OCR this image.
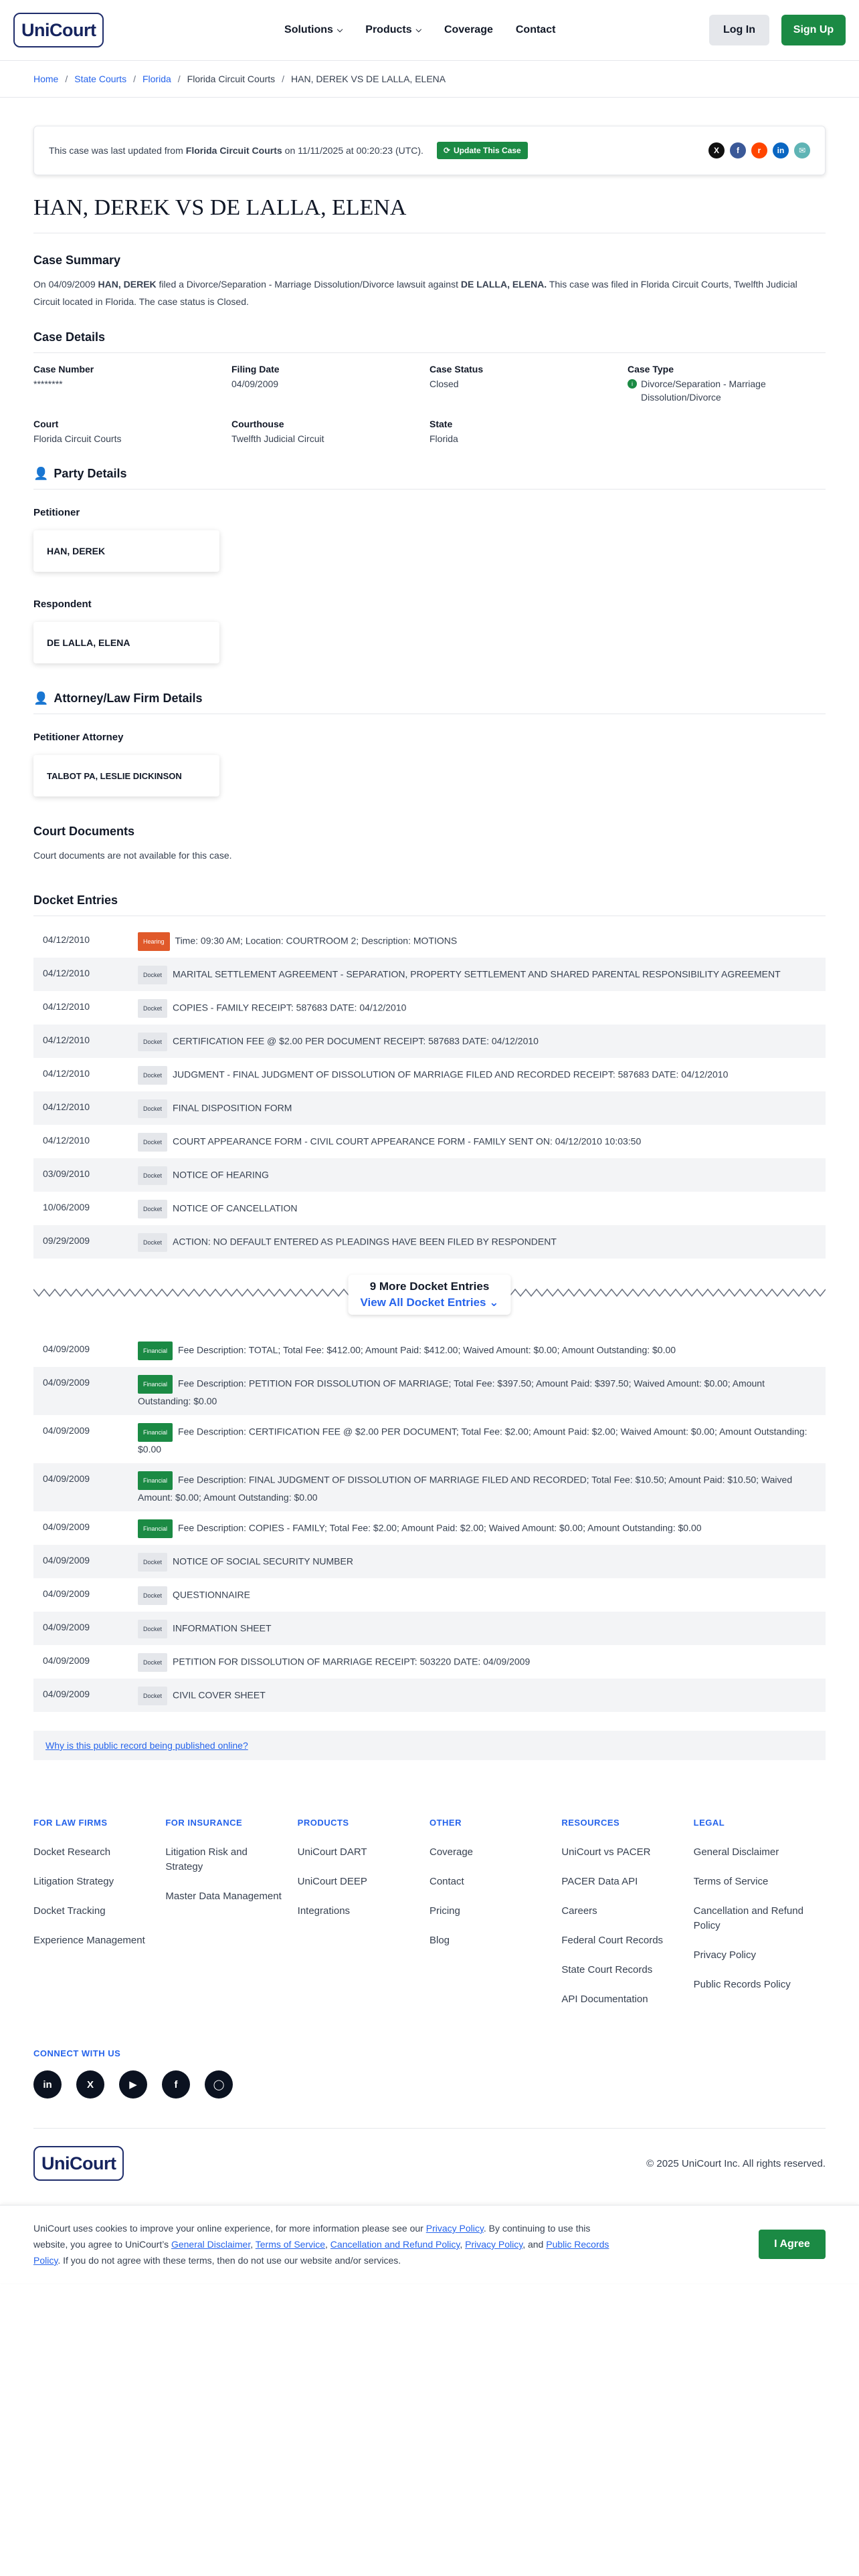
UniCourt	Solutions ⌵ Products ⌵ Coverage Contact	Log In	Sign Up
Home / State Courts / Florida / Florida Circuit Courts / HAN, DEREK VS DE LALLA, ELENA
This case was last updated from Florida Circuit Courts on 11/11/2025 at 00:20:23 (UTC).	⟳ Update This Case	X	f	r	in	✉
HAN, DEREK VS DE LALLA, ELENA
Case Summary

On 04/09/2009 HAN, DEREK filed a Divorce/Separation - Marriage Dissolution/Divorce lawsuit against DE LALLA, ELENA. This case was filed in Florida Circuit Courts, Twelfth Judicial Circuit located in Florida. The case status is Closed.

Case Details
Case Number
********
Filing Date
04/09/2009
Case Status
Closed
Case Type
i Divorce/Separation - Marriage Dissolution/Divorce
Court
Florida Circuit Courts
Courthouse
Twelfth Judicial Circuit
State
Florida
👤 Party Details
Petitioner
HAN, DEREK
Respondent
DE LALLA, ELENA
👤 Attorney/Law Firm Details
Petitioner Attorney
TALBOT PA, LESLIE DICKINSON
Court Documents

Court documents are not available for this case.

Docket Entries
04/12/2010	Hearing Time: 09:30 AM; Location: COURTROOM 2; Description: MOTIONS
04/12/2010	Docket MARITAL SETTLEMENT AGREEMENT - SEPARATION, PROPERTY SETTLEMENT AND SHARED PARENTAL RESPONSIBILITY AGREEMENT
04/12/2010	Docket COPIES - FAMILY RECEIPT: 587683 DATE: 04/12/2010
04/12/2010	Docket CERTIFICATION FEE @ $2.00 PER DOCUMENT RECEIPT: 587683 DATE: 04/12/2010
04/12/2010	Docket JUDGMENT - FINAL JUDGMENT OF DISSOLUTION OF MARRIAGE FILED AND RECORDED RECEIPT: 587683 DATE: 04/12/2010
04/12/2010	Docket FINAL DISPOSITION FORM
04/12/2010	Docket COURT APPEARANCE FORM - CIVIL COURT APPEARANCE FORM - FAMILY SENT ON: 04/12/2010 10:03:50
03/09/2010	Docket NOTICE OF HEARING
10/06/2009	Docket NOTICE OF CANCELLATION
09/29/2009	Docket ACTION: NO DEFAULT ENTERED AS PLEADINGS HAVE BEEN FILED BY RESPONDENT
9 More Docket Entries
View All Docket Entries ⌄
04/09/2009	Financial Fee Description: TOTAL; Total Fee: $412.00; Amount Paid: $412.00; Waived Amount: $0.00; Amount Outstanding: $0.00
04/09/2009	Financial Fee Description: PETITION FOR DISSOLUTION OF MARRIAGE; Total Fee: $397.50; Amount Paid: $397.50; Waived Amount: $0.00; Amount Outstanding: $0.00
04/09/2009	Financial Fee Description: CERTIFICATION FEE @ $2.00 PER DOCUMENT; Total Fee: $2.00; Amount Paid: $2.00; Waived Amount: $0.00; Amount Outstanding: $0.00
04/09/2009	Financial Fee Description: FINAL JUDGMENT OF DISSOLUTION OF MARRIAGE FILED AND RECORDED; Total Fee: $10.50; Amount Paid: $10.50; Waived Amount: $0.00; Amount Outstanding: $0.00
04/09/2009	Financial Fee Description: COPIES - FAMILY; Total Fee: $2.00; Amount Paid: $2.00; Waived Amount: $0.00; Amount Outstanding: $0.00
04/09/2009	Docket NOTICE OF SOCIAL SECURITY NUMBER
04/09/2009	Docket QUESTIONNAIRE
04/09/2009	Docket INFORMATION SHEET
04/09/2009	Docket PETITION FOR DISSOLUTION OF MARRIAGE RECEIPT: 503220 DATE: 04/09/2009
04/09/2009	Docket CIVIL COVER SHEET
Why is this public record being published online?
FOR LAW FIRMS
Docket Research
Litigation Strategy
Docket Tracking
Experience Management
FOR INSURANCE
Litigation Risk and Strategy
Master Data Management
PRODUCTS
UniCourt DART
UniCourt DEEP
Integrations
OTHER
Coverage
Contact
Pricing
Blog
RESOURCES
UniCourt vs PACER
PACER Data API
Careers
Federal Court Records
State Court Records
API Documentation
LEGAL
General Disclaimer
Terms of Service
Cancellation and Refund Policy
Privacy Policy
Public Records Policy
CONNECT WITH US
in	X	▶	f	◯
UniCourt	© 2025 UniCourt Inc. All rights reserved.
UniCourt uses cookies to improve your online experience, for more information please see our Privacy Policy. By continuing to use this website, you agree to UniCourt’s General Disclaimer, Terms of Service, Cancellation and Refund Policy, Privacy Policy, and Public Records Policy. If you do not agree with these terms, then do not use our website and/or services.
I Agree
